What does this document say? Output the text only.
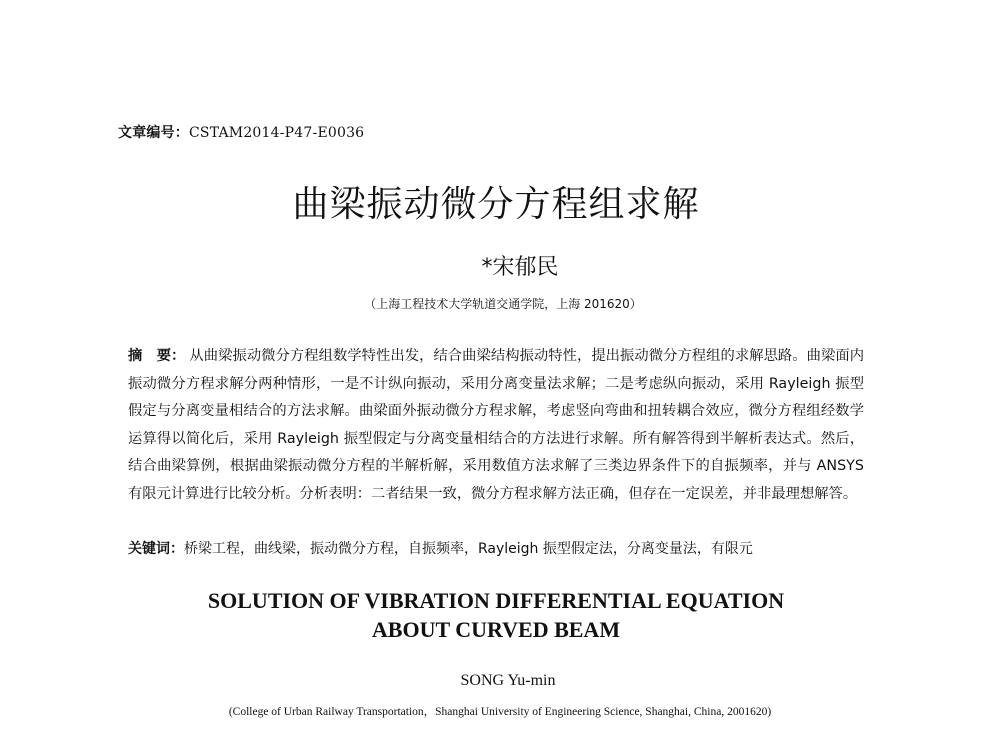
文章编号：CSTAM2014-P47-E0036
曲梁振动微分方程组求解
*宋郁民
（上海工程技术大学轨道交通学院，上海 201620）
摘　要： 从曲梁振动微分方程组数学特性出发，结合曲梁结构振动特性，提出振动微分方程组的求解思路。曲梁面内振动微分方程求解分两种情形，一是不计纵向振动，采用分离变量法求解；二是考虑纵向振动，采用 Rayleigh 振型假定与分离变量相结合的方法求解。曲梁面外振动微分方程求解，考虑竖向弯曲和扭转耦合效应，微分方程组经数学运算得以简化后，采用 Rayleigh 振型假定与分离变量相结合的方法进行求解。所有解答得到半解析表达式。然后，结合曲梁算例，根据曲梁振动微分方程的半解析解，采用数值方法求解了三类边界条件下的自振频率，并与 ANSYS 有限元计算进行比较分析。分析表明：二者结果一致，微分方程求解方法正确，但存在一定误差，并非最理想解答。
关键词：桥梁工程，曲线梁，振动微分方程，自振频率，Rayleigh 振型假定法，分离变量法，有限元
SOLUTION OF VIBRATION DIFFERENTIAL EQUATION
ABOUT CURVED BEAM
SONG Yu-min
(College of Urban Railway Transportation，Shanghai University of Engineering Science, Shanghai, China, 2001620)
